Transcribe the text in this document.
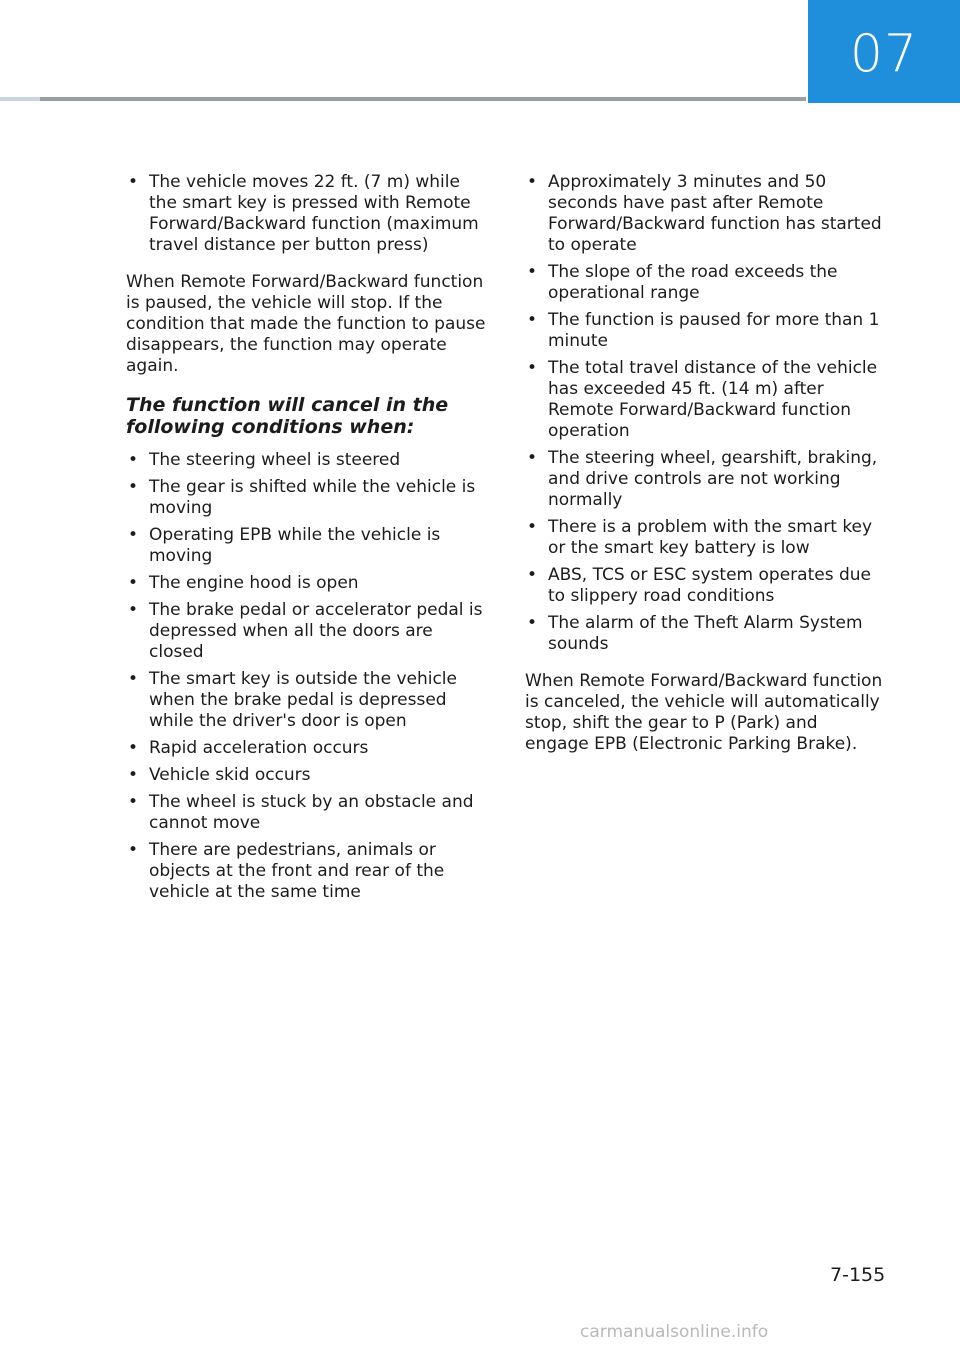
07
• The vehicle moves 22 ft. (7 m) while the smart key is pressed with Remote Forward/Backward function (maximum travel distance per button press)

When Remote Forward/Backward function is paused, the vehicle will stop. If the condition that made the function to pause disappears, the function may operate again.

The function will cancel in the following conditions when:
• The steering wheel is steered
• The gear is shifted while the vehicle is moving
• Operating EPB while the vehicle is moving
• The engine hood is open
• The brake pedal or accelerator pedal is depressed when all the doors are closed
• The smart key is outside the vehicle when the brake pedal is depressed while the driver's door is open
• Rapid acceleration occurs
• Vehicle skid occurs
• The wheel is stuck by an obstacle and cannot move
• There are pedestrians, animals or objects at the front and rear of the vehicle at the same time
• Approximately 3 minutes and 50 seconds have past after Remote Forward/Backward function has started to operate
• The slope of the road exceeds the operational range
• The function is paused for more than 1 minute
• The total travel distance of the vehicle has exceeded 45 ft. (14 m) after Remote Forward/Backward function operation
• The steering wheel, gearshift, braking, and drive controls are not working normally
• There is a problem with the smart key or the smart key battery is low
• ABS, TCS or ESC system operates due to slippery road conditions
• The alarm of the Theft Alarm System sounds

When Remote Forward/Backward function is canceled, the vehicle will automatically stop, shift the gear to P (Park) and engage EPB (Electronic Parking Brake).

7-155
carmanualsonline.info
